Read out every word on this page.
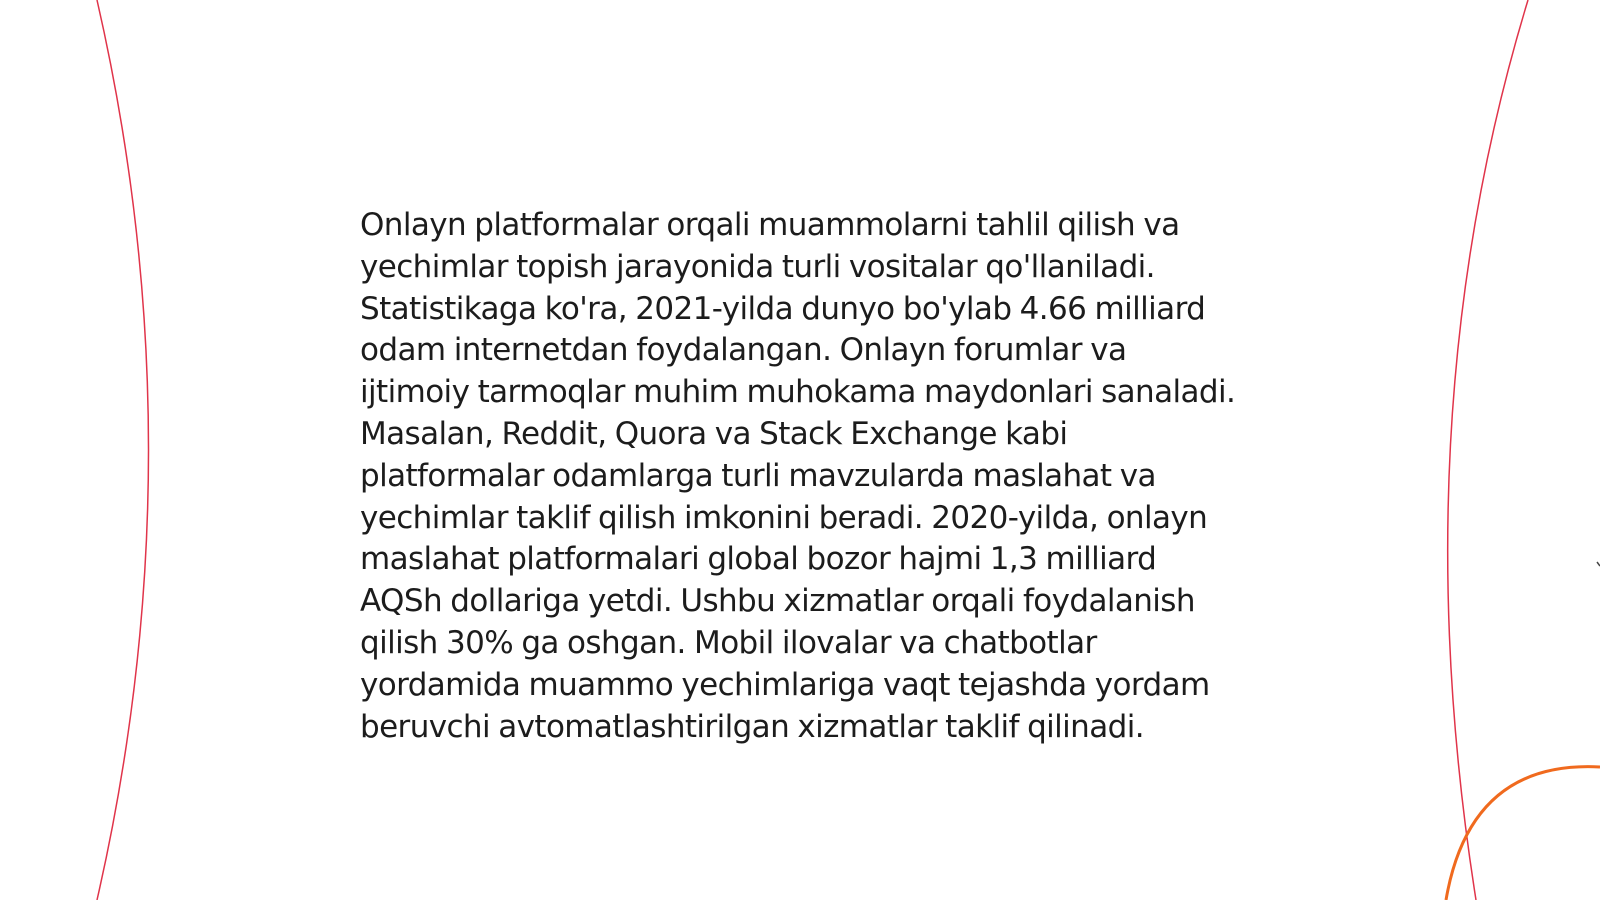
Onlayn platformalar orqali muammolarni tahlil qilish va yechimlar topish jarayonida turli vositalar qo'llaniladi. Statistikaga ko'ra, 2021-yilda dunyo bo'ylab 4.66 milliard odam internetdan foydalangan. Onlayn forumlar va ijtimoiy tarmoqlar muhim muhokama maydonlari sanaladi. Masalan, Reddit, Quora va Stack Exchange kabi platformalar odamlarga turli mavzularda maslahat va yechimlar taklif qilish imkonini beradi. 2020-yilda, onlayn maslahat platformalari global bozor hajmi 1,3 milliard AQSh dollariga yetdi. Ushbu xizmatlar orqali foydalanish qilish 30% ga oshgan. Mobil ilovalar va chatbotlar yordamida muammo yechimlariga vaqt tejashda yordam beruvchi avtomatlashtirilgan xizmatlar taklif qilinadi.
